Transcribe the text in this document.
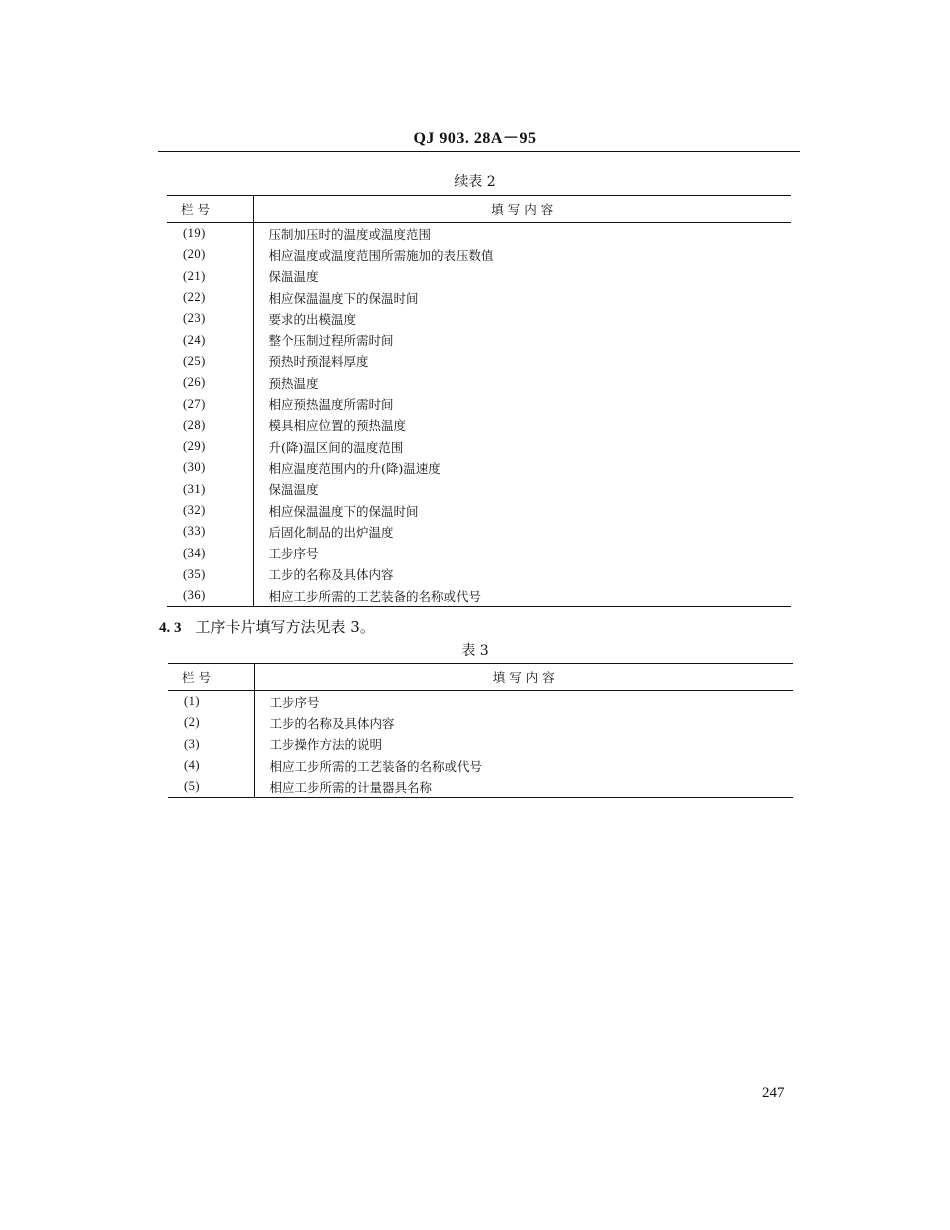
QJ 903. 28A－95
续表 2
栏 号	填 写 内 容
(19)	压制加压时的温度或温度范围
(20)	相应温度或温度范围所需施加的表压数值
(21)	保温温度
(22)	相应保温温度下的保温时间
(23)	要求的出模温度
(24)	整个压制过程所需时间
(25)	预热时预混料厚度
(26)	预热温度
(27)	相应预热温度所需时间
(28)	模具相应位置的预热温度
(29)	升(降)温区间的温度范围
(30)	相应温度范围内的升(降)温速度
(31)	保温温度
(32)	相应保温温度下的保温时间
(33)	后固化制品的出炉温度
(34)	工步序号
(35)	工步的名称及具体内容
(36)	相应工步所需的工艺装备的名称或代号
4. 3 工序卡片填写方法见表 3。
表 3
栏 号	填 写 内 容
(1)	工步序号
(2)	工步的名称及具体内容
(3)	工步操作方法的说明
(4)	相应工步所需的工艺装备的名称或代号
(5)	相应工步所需的计量器具名称
247
